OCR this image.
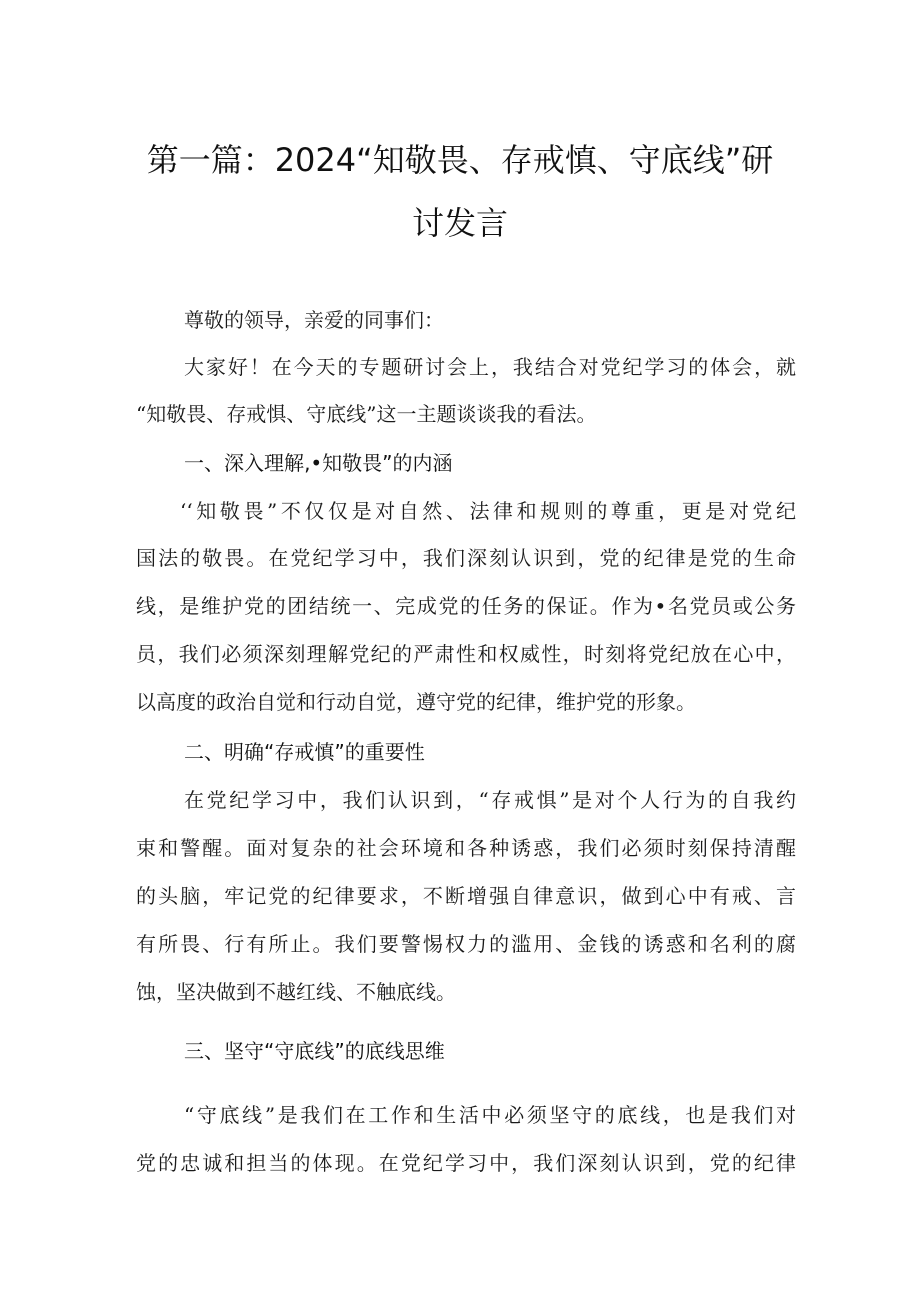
第一篇：2024“知敬畏、存戒慎、守底线”研
讨发言
尊敬的领导，亲爱的同事们：
大家好！在今天的专题研讨会上，我结合对党纪学习的体会，就
“知敬畏、存戒惧、守底线”这一主题谈谈我的看法。
一、深入理解‚•知敬畏”的内涵
‘‘知敬畏”不仅仅是对自然、法律和规则的尊重，更是对党纪
国法的敬畏。在党纪学习中，我们深刻认识到，党的纪律是党的生命
线，是维护党的团结统一、完成党的任务的保证。作为•名党员或公务
员，我们必须深刻理解党纪的严肃性和权威性，时刻将党纪放在心中，
以高度的政治自觉和行动自觉，遵守党的纪律，维护党的形象。
二、明确“存戒慎”的重要性
在党纪学习中，我们认识到，“存戒惧”是对个人行为的自我约
束和警醒。面对复杂的社会环境和各种诱惑，我们必须时刻保持清醒
的头脑，牢记党的纪律要求，不断增强自律意识，做到心中有戒、言
有所畏、行有所止。我们要警惕权力的滥用、金钱的诱惑和名利的腐
蚀，坚决做到不越红线、不触底线。
三、坚守“守底线”的底线思维
“守底线”是我们在工作和生活中必须坚守的底线，也是我们对
党的忠诚和担当的体现。在党纪学习中，我们深刻认识到，党的纪律
